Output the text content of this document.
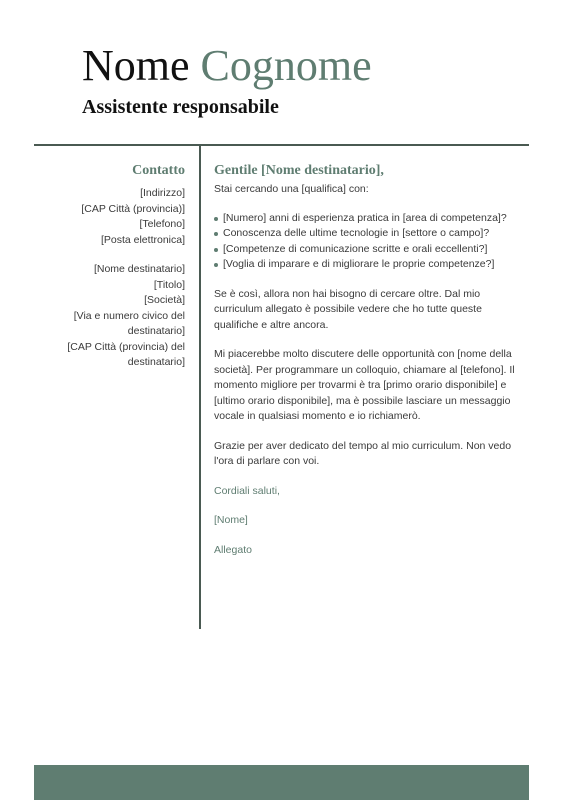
Nome Cognome
Assistente responsabile
Contatto
[Indirizzo]
[CAP Città (provincia)]
[Telefono]
[Posta elettronica]
[Nome destinatario]
[Titolo]
[Società]
[Via e numero civico del
destinatario]
[CAP Città (provincia) del
destinatario]
Gentile [Nome destinatario],

Stai cercando una [qualifica] con:

[Numero] anni di esperienza pratica in [area di competenza]?
Conoscenza delle ultime tecnologie in [settore o campo]?
[Competenze di comunicazione scritte e orali eccellenti?]
[Voglia di imparare e di migliorare le proprie competenze?]

Se è così, allora non hai bisogno di cercare oltre. Dal mio curriculum allegato è possibile vedere che ho tutte queste qualifiche e altre ancora.

Mi piacerebbe molto discutere delle opportunità con [nome della società]. Per programmare un colloquio, chiamare al [telefono]. Il momento migliore per trovarmi è tra [primo orario disponibile] e [ultimo orario disponibile], ma è possibile lasciare un messaggio vocale in qualsiasi momento e io richiamerò.

Grazie per aver dedicato del tempo al mio curriculum. Non vedo l'ora di parlare con voi.

Cordiali saluti,

[Nome]

Allegato
